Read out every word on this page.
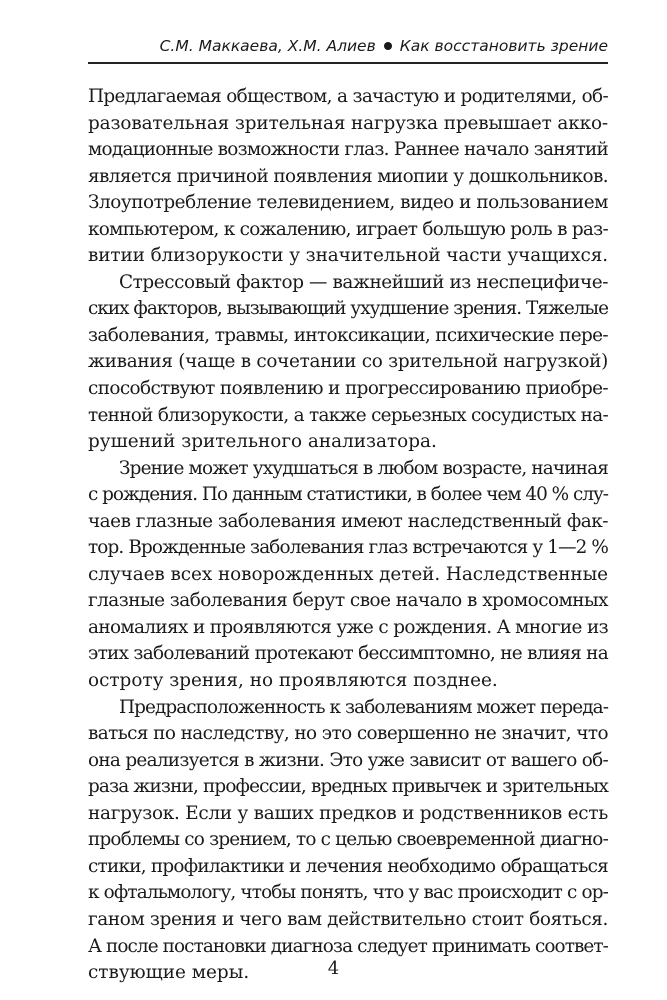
С.М. Маккаева, Х.М. Алиев Как восстановить зрение

Предлагаемая обществом, а зачастую и родителями, об-
разовательная зрительная нагрузка превышает акко-
модационные возможности глаз. Раннее начало занятий
является причиной появления миопии у дошкольников.
Злоупотребление телевидением, видео и пользованием
компьютером, к сожалению, играет большую роль в раз-
витии близорукости у значительной части учащихся.

Стрессовый фактор — важнейший из неспецифиче-
ских факторов, вызывающий ухудшение зрения. Тяжелые
заболевания, травмы, интоксикации, психические пере-
живания (чаще в сочетании со зрительной нагрузкой)
способствуют появлению и прогрессированию приобре-
тенной близорукости, а также серьезных сосудистых на-
рушений зрительного анализатора.

Зрение может ухудшаться в любом возрасте, начиная
с рождения. По данным статистики, в более чем 40 % слу-
чаев глазные заболевания имеют наследственный фак-
тор. Врожденные заболевания глаз встречаются у 1—2 %
случаев всех новорожденных детей. Наследственные
глазные заболевания берут свое начало в хромосомных
аномалиях и проявляются уже с рождения. А многие из
этих заболеваний протекают бессимптомно, не влияя на
остроту зрения, но проявляются позднее.

Предрасположенность к заболеваниям может переда-
ваться по наследству, но это совершенно не значит, что
она реализуется в жизни. Это уже зависит от вашего об-
раза жизни, профессии, вредных привычек и зрительных
нагрузок. Если у ваших предков и родственников есть
проблемы со зрением, то с целью своевременной диагно-
стики, профилактики и лечения необходимо обращаться
к офтальмологу, чтобы понять, что у вас происходит с ор-
ганом зрения и чего вам действительно стоит бояться.
А после постановки диагноза следует принимать соответ-
ствующие меры.	4
